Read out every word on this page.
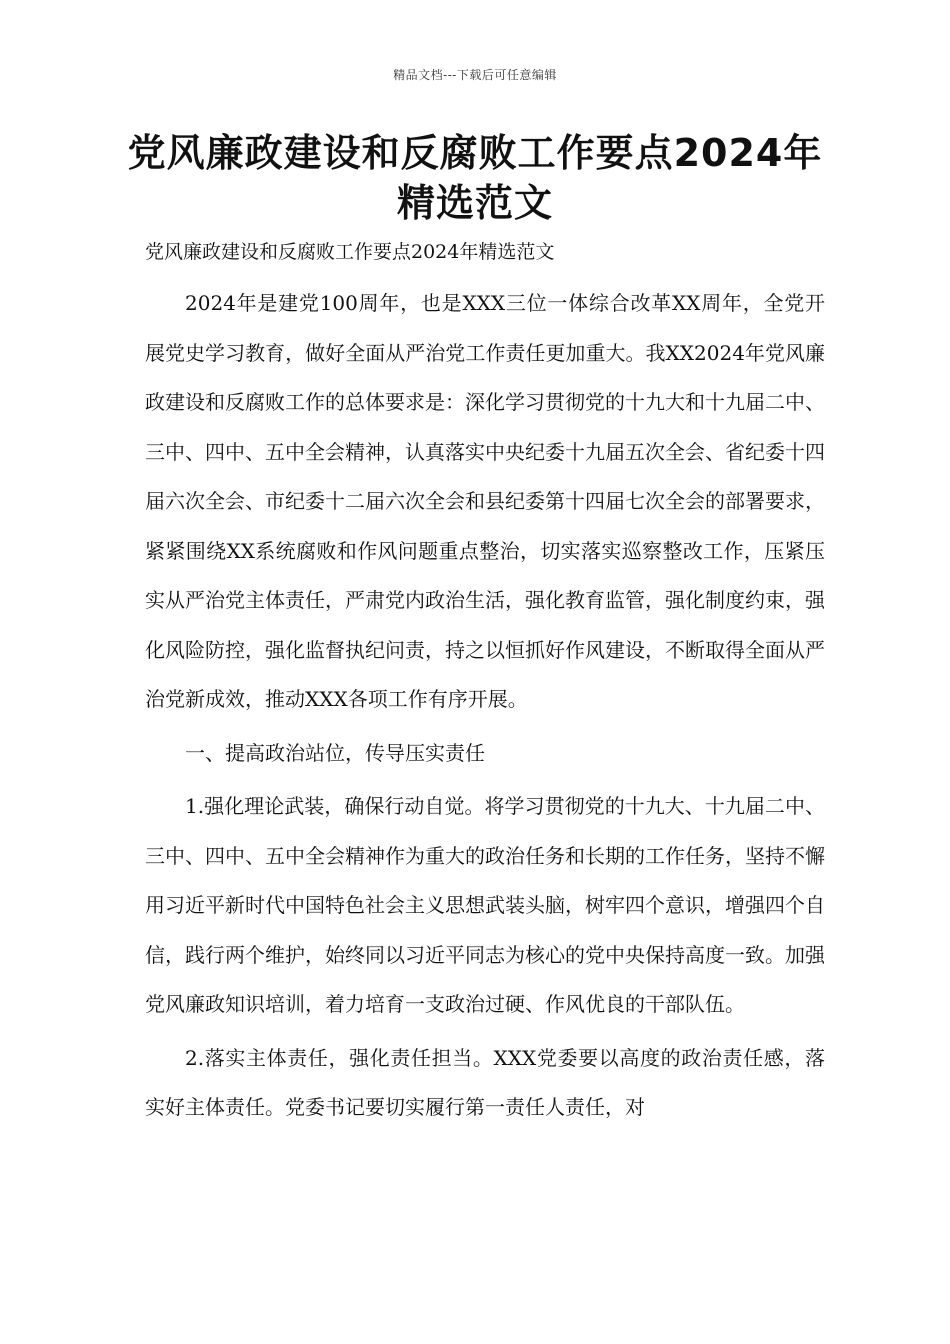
精品文档---下载后可任意编辑
党风廉政建设和反腐败工作要点2024年精选范文

党风廉政建设和反腐败工作要点2024年精选范文

2024年是建党100周年，也是XXX三位一体综合改革XX周年，全党开展党史学习教育，做好全面从严治党工作责任更加重大。我XX2024年党风廉政建设和反腐败工作的总体要求是：深化学习贯彻党的十九大和十九届二中、三中、四中、五中全会精神，认真落实中央纪委十九届五次全会、省纪委十四届六次全会、市纪委十二届六次全会和县纪委第十四届七次全会的部署要求，紧紧围绕XX系统腐败和作风问题重点整治，切实落实巡察整改工作，压紧压实从严治党主体责任，严肃党内政治生活，强化教育监管，强化制度约束，强化风险防控，强化监督执纪问责，持之以恒抓好作风建设，不断取得全面从严治党新成效，推动XXX各项工作有序开展。

一、提高政治站位，传导压实责任

1.强化理论武装，确保行动自觉。将学习贯彻党的十九大、十九届二中、三中、四中、五中全会精神作为重大的政治任务和长期的工作任务，坚持不懈用习近平新时代中国特色社会主义思想武装头脑，树牢四个意识，增强四个自信，践行两个维护，始终同以习近平同志为核心的党中央保持高度一致。加强党风廉政知识培训，着力培育一支政治过硬、作风优良的干部队伍。

2.落实主体责任，强化责任担当。XXX党委要以高度的政治责任感，落实好主体责任。党委书记要切实履行第一责任人责任，对
